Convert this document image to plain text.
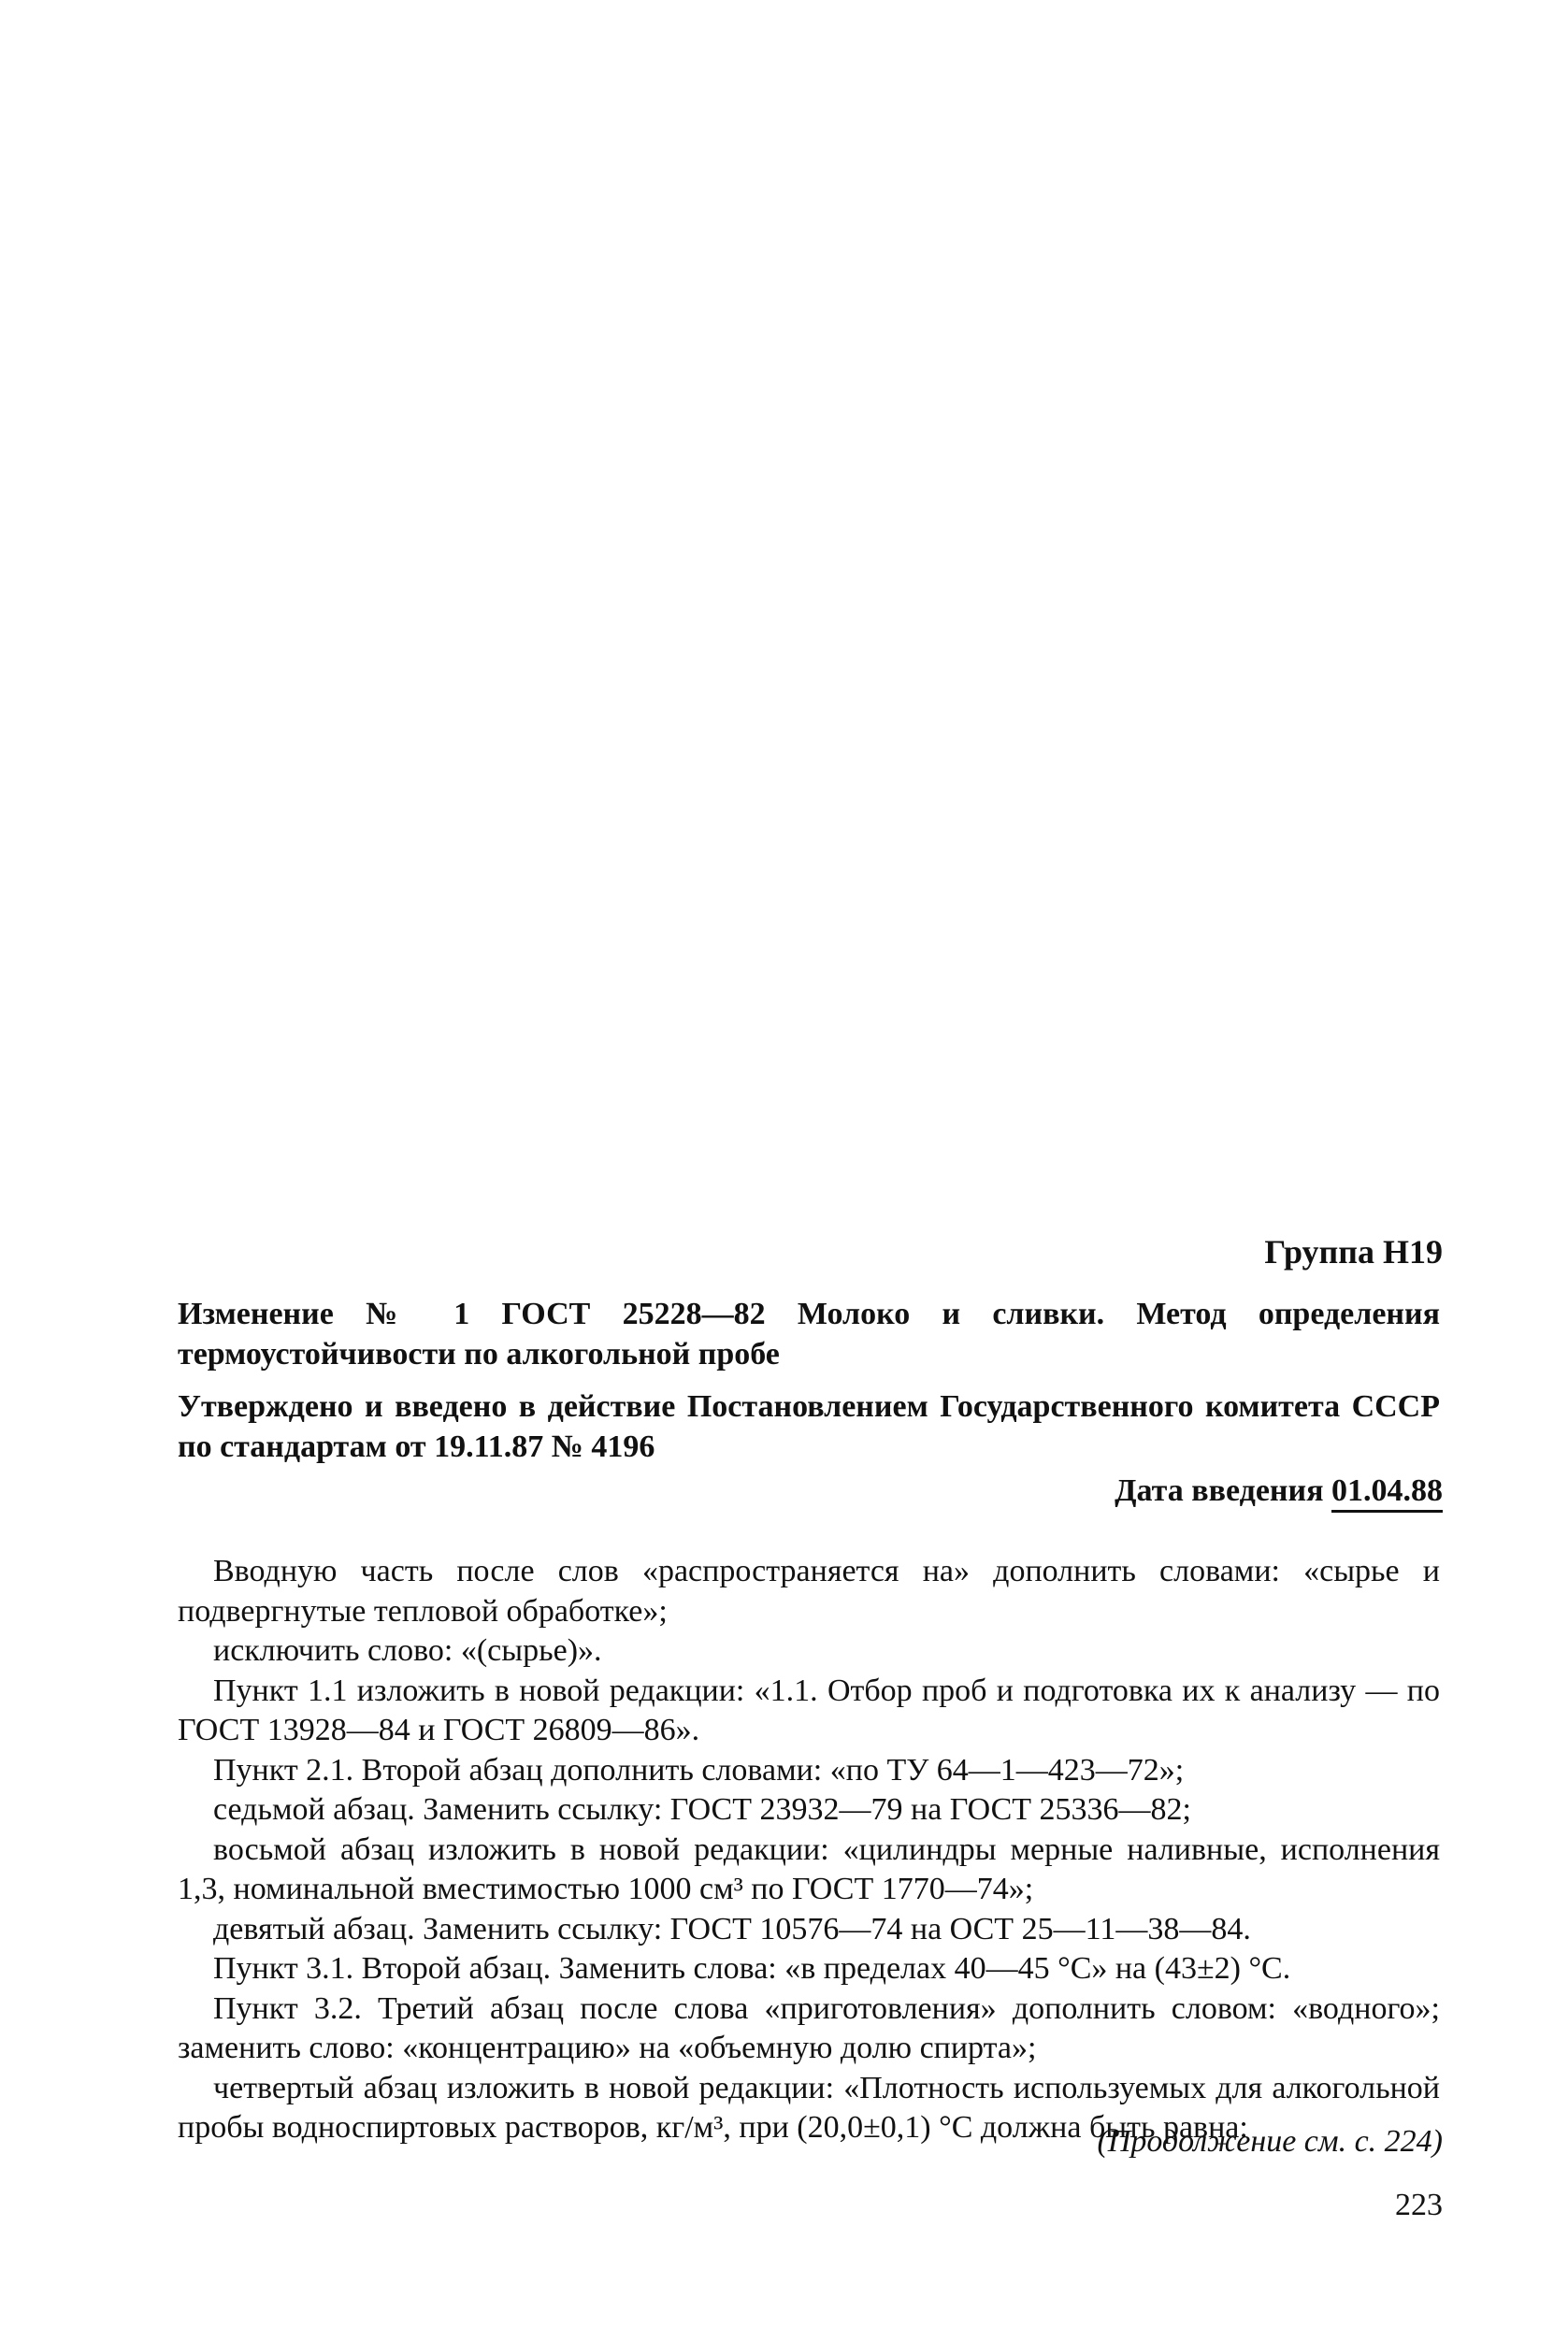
Группа Н19
Изменение № 1 ГОСТ 25228—82 Молоко и сливки. Метод определения термоустойчивости по алкогольной пробе
Утверждено и введено в действие Постановлением Государственного комитета СССР по стандартам от 19.11.87 № 4196
Дата введения 01.04.88

Вводную часть после слов «распространяется на» дополнить словами: «сырье и подвергнутые тепловой обработке»;

исключить слово: «(сырье)».

Пункт 1.1 изложить в новой редакции: «1.1. Отбор проб и подготовка их к анализу — по ГОСТ 13928—84 и ГОСТ 26809—86».

Пункт 2.1. Второй абзац дополнить словами: «по ТУ 64—1—423—72»;

седьмой абзац. Заменить ссылку: ГОСТ 23932—79 на ГОСТ 25336—82;

восьмой абзац изложить в новой редакции: «цилиндры мерные наливные, исполнения 1,3, номинальной вместимостью 1000 см³ по ГОСТ 1770—74»;

девятый абзац. Заменить ссылку: ГОСТ 10576—74 на ОСТ 25—11—38—84.

Пункт 3.1. Второй абзац. Заменить слова: «в пределах 40—45 °С» на (43±2) °С.

Пункт 3.2. Третий абзац после слова «приготовления» дополнить словом: «водного»; заменить слово: «концентрацию» на «объемную долю спирта»;

четвертый абзац изложить в новой редакции: «Плотность используемых для алкогольной пробы водноспиртовых растворов, кг/м³, при (20,0±0,1) °С должна быть равна:

(Продолжение см. с. 224)
223
